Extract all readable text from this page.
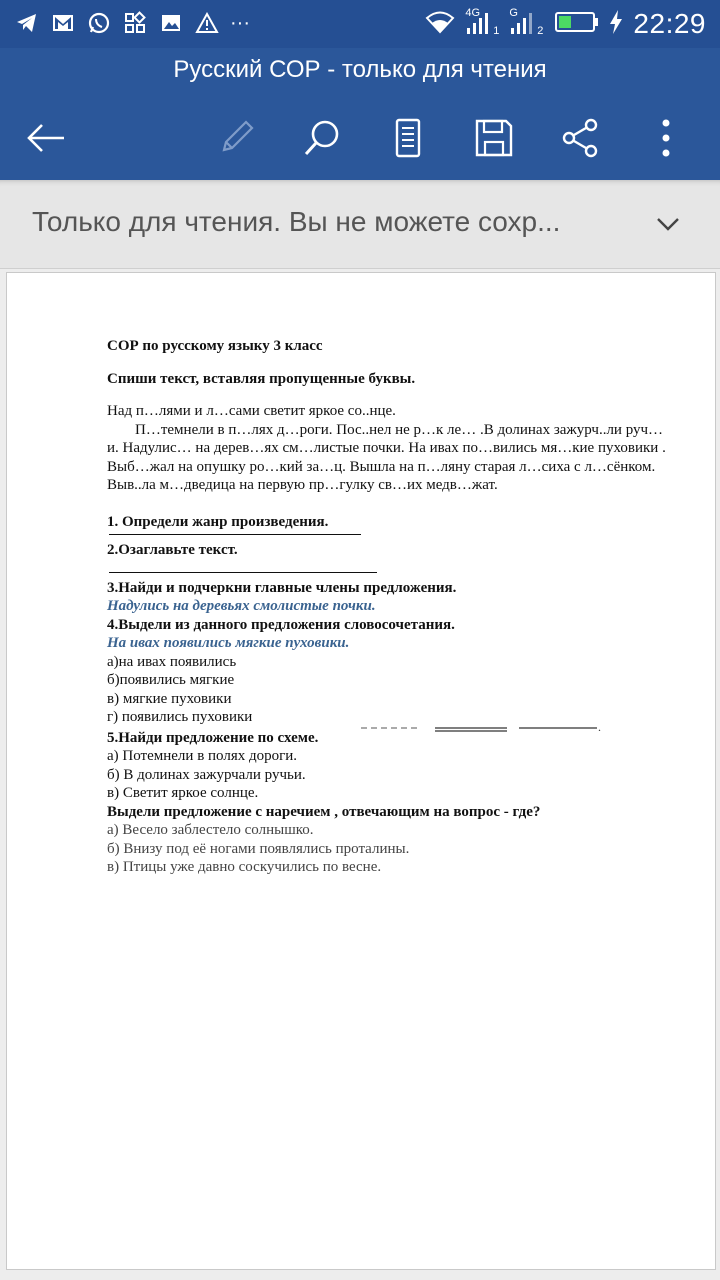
···	4G
1
G
2	22:29
Русский СОР - только для чтения
Только для чтения. Вы не можете сохр...

СОР по русскому языку 3 класс

Спиши текст, вставляя пропущенные буквы.

Над п…лями и л…сами светит яркое со..нце.

П…темнели в п…лях д…роги. Пос..нел не р…к ле… .В долинах зажурч..ли руч…и. Надулис… на дерев…ях см…листые почки. На ивах по…вились мя…кие пуховики . Выб…жал на опушку ро…кий за…ц. Вышла на п…ляну старая л…сиха с л…сёнком. Выв..ла м…дведица на первую пр…гулку св…их медв…жат.

1. Определи жанр произведения.

2.Озаглавьте текст.

3.Найди и подчеркни главные члены предложения.

Надулись на деревьях смолистые почки.

4.Выдели из данного предложения словосочетания.

На ивах появились мягкие пуховики.

а)на ивах появились

б)появились мягкие

в) мягкие пуховики

г) появились пуховики

5.Найди предложение по схеме.

.

а) Потемнели в полях дороги.

б) В долинах зажурчали ручьи.

в) Светит яркое солнце.

Выдели предложение с наречием , отвечающим на вопрос - где?

а) Весело заблестело солнышко.

б) Внизу под её ногами появлялись проталины.

в) Птицы уже давно соскучились по весне.
